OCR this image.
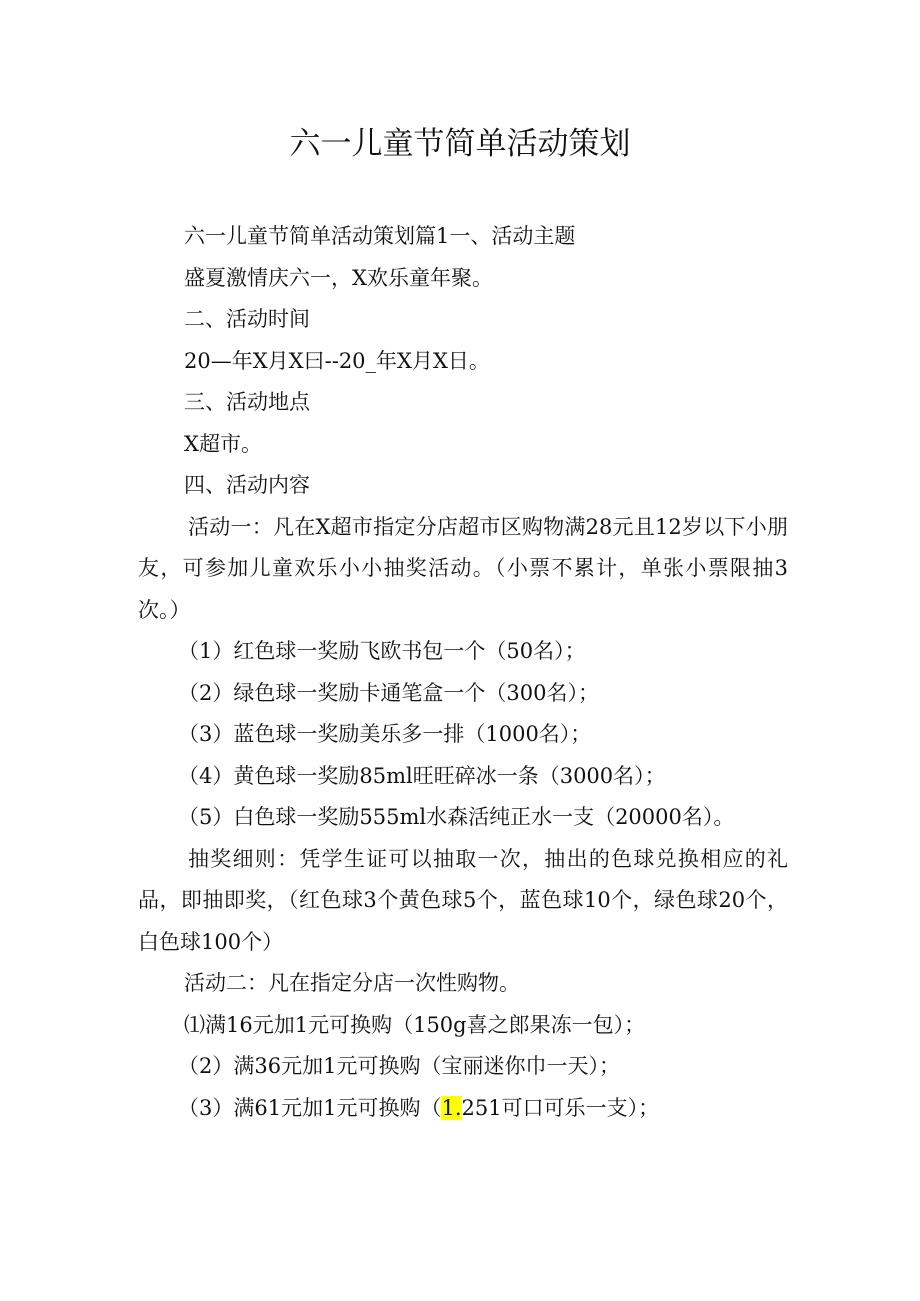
六一儿童节简单活动策划

六一儿童节简单活动策划篇1一、活动主题

盛夏激情庆六一，X欢乐童年聚。

二、活动时间

20—年X月X曰--20_年X月X日。

三、活动地点

X超市。

四、活动内容

活动一：凡在X超市指定分店超市区购物满28元且12岁以下小朋友，可参加儿童欢乐小小抽奖活动。（小票不累计，单张小票限抽3次。）

（1）红色球一奖励飞欧书包一个（50名）；

（2）绿色球一奖励卡通笔盒一个（300名）；

（3）蓝色球一奖励美乐多一排（1000名）；

（4）黄色球一奖励85ml旺旺碎冰一条（3000名）；

（5）白色球一奖励555ml水森活纯正水一支（20000名）。

抽奖细则：凭学生证可以抽取一次，抽出的色球兑换相应的礼品，即抽即奖，（红色球3个黄色球5个，蓝色球10个，绿色球20个，白色球100个）

活动二：凡在指定分店一次性购物。

⑴满16元加1元可换购（150g喜之郎果冻一包）；

（2）满36元加1元可换购（宝丽迷你巾一天）；

（3）满61元加1元可换购（1.251可口可乐一支）；
